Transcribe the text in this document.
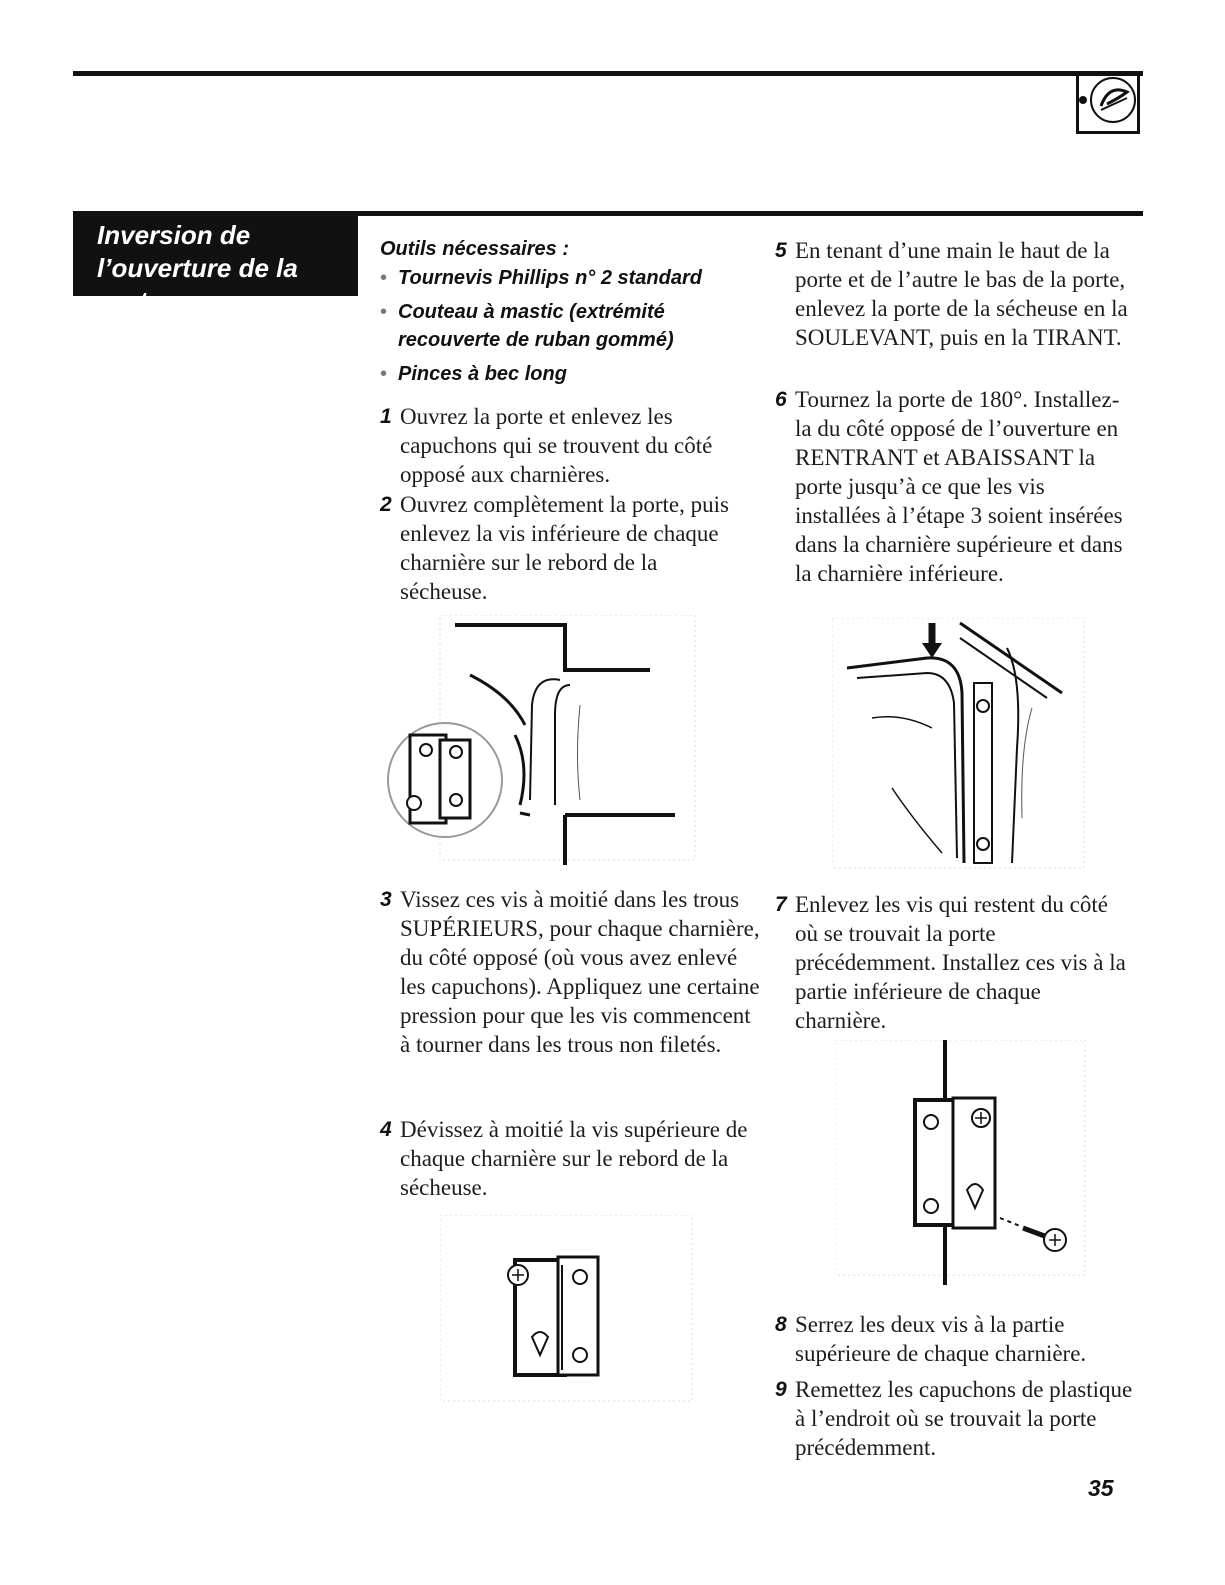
Inversion de
l’ouverture de la porte
Outils nécessaires :
• Tournevis Phillips n° 2 standard
• Couteau à mastic (extrémité recouverte de ruban gommé)
• Pinces à bec long
1 Ouvrez la porte et enlevez les capuchons qui se trouvent du côté opposé aux charnières.
2 Ouvrez complètement la porte, puis enlevez la vis inférieure de chaque charnière sur le rebord de la sécheuse.
3 Vissez ces vis à moitié dans les trous SUPÉRIEURS, pour chaque charnière, du côté opposé (où vous avez enlevé les capuchons). Appliquez une certaine pression pour que les vis commencent à tourner dans les trous non filetés.
4 Dévissez à moitié la vis supérieure de chaque charnière sur le rebord de la sécheuse.
5 En tenant d’une main le haut de la porte et de l’autre le bas de la porte, enlevez la porte de la sécheuse en la SOULEVANT, puis en la TIRANT.
6 Tournez la porte de 180°. Installez-la du côté opposé de l’ouverture en RENTRANT et ABAISSANT la porte jusqu’à ce que les vis installées à l’étape 3 soient insérées dans la charnière supérieure et dans la charnière inférieure.
7 Enlevez les vis qui restent du côté où se trouvait la porte précédemment. Installez ces vis à la partie inférieure de chaque charnière.
8 Serrez les deux vis à la partie supérieure de chaque charnière.
9 Remettez les capuchons de plastique à l’endroit où se trouvait la porte précédemment.
35
